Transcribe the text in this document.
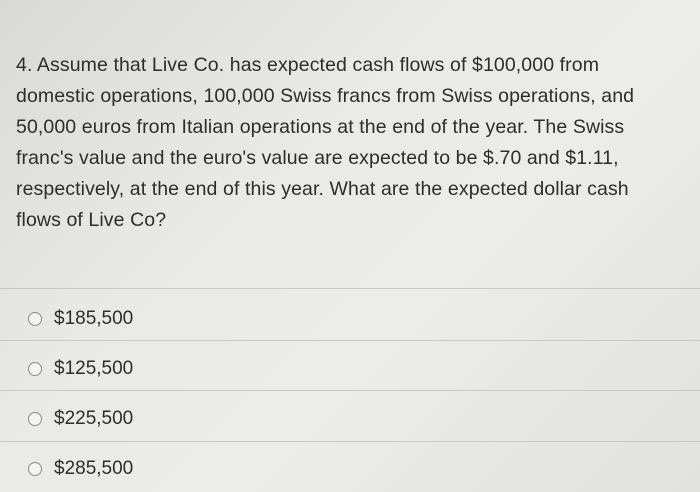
4. Assume that Live Co. has expected cash flows of $100,000 from
domestic operations, 100,000 Swiss francs from Swiss operations, and
50,000 euros from Italian operations at the end of the year. The Swiss
franc's value and the euro's value are expected to be $.70 and $1.11,
respectively, at the end of this year. What are the expected dollar cash
flows of Live Co?
$185,500
$125,500
$225,500
$285,500
